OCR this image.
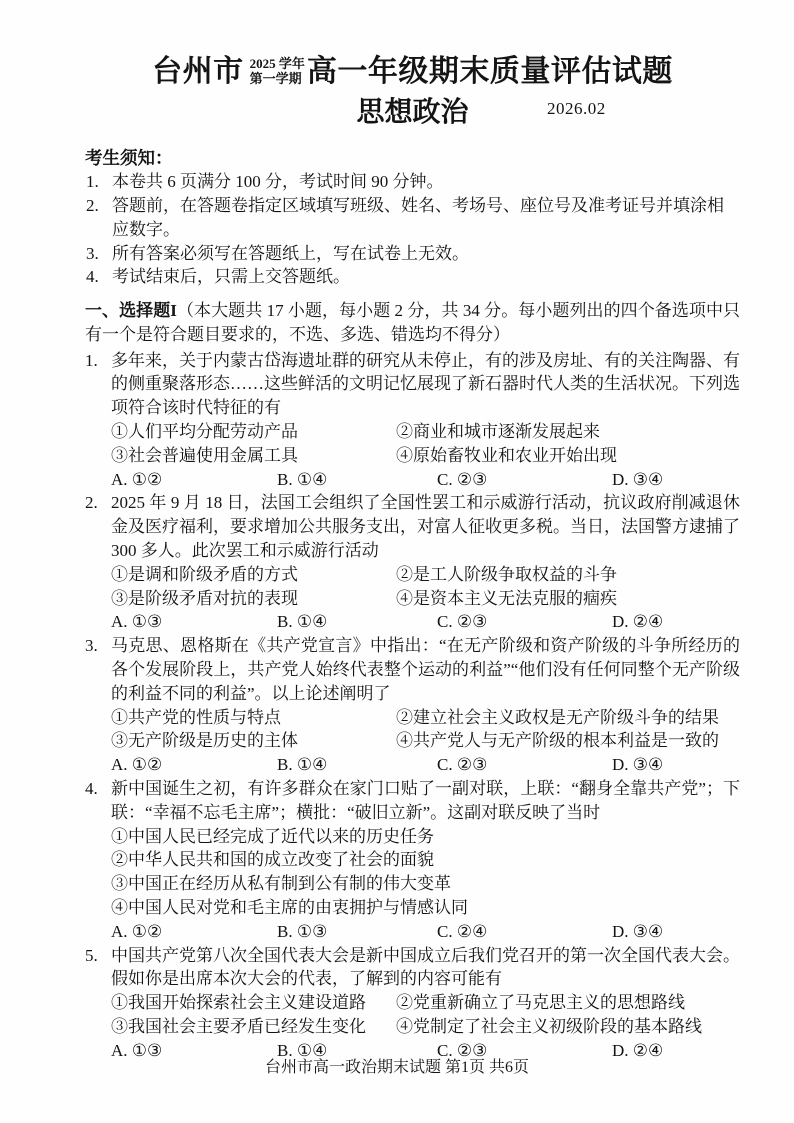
台州市 2025 学年
第一学期 高一年级期末质量评估试题
思想政治	2026.02
考生须知：
1. 本卷共 6 页满分 100 分，考试时间 90 分钟。
2. 答题前，在答题卷指定区域填写班级、姓名、考场号、座位号及准考证号并填涂相应数字。
3. 所有答案必须写在答题纸上，写在试卷上无效。
4. 考试结束后，只需上交答题纸。

一、选择题I（本大题共 17 小题，每小题 2 分，共 34 分。每小题列出的四个备选项中只有一个是符合题目要求的，不选、多选、错选均不得分）

1. 多年来，关于内蒙古岱海遗址群的研究从未停止，有的涉及房址、有的关注陶器、有的侧重聚落形态……这些鲜活的文明记忆展现了新石器时代人类的生活状况。下列选项符合该时代特征的有
①人们平均分配劳动产品	②商业和城市逐渐发展起来
③社会普遍使用金属工具	④原始畜牧业和农业开始出现
A. ①②	B. ①④	C. ②③	D. ③④
2. 2025 年 9 月 18 日，法国工会组织了全国性罢工和示威游行活动，抗议政府削减退休金及医疗福利，要求增加公共服务支出，对富人征收更多税。当日，法国警方逮捕了 300 多人。此次罢工和示威游行活动
①是调和阶级矛盾的方式	②是工人阶级争取权益的斗争
③是阶级矛盾对抗的表现	④是资本主义无法克服的痼疾
A. ①③	B. ①④	C. ②③	D. ②④
3. 马克思、恩格斯在《共产党宣言》中指出：“在无产阶级和资产阶级的斗争所经历的各个发展阶段上，共产党人始终代表整个运动的利益”“他们没有任何同整个无产阶级的利益不同的利益”。以上论述阐明了
①共产党的性质与特点	②建立社会主义政权是无产阶级斗争的结果
③无产阶级是历史的主体	④共产党人与无产阶级的根本利益是一致的
A. ①②	B. ①④	C. ②③	D. ③④
4. 新中国诞生之初，有许多群众在家门口贴了一副对联，上联：“翻身全靠共产党”；下联：“幸福不忘毛主席”；横批：“破旧立新”。这副对联反映了当时
①中国人民已经完成了近代以来的历史任务
②中华人民共和国的成立改变了社会的面貌
③中国正在经历从私有制到公有制的伟大变革
④中国人民对党和毛主席的由衷拥护与情感认同
A. ①②	B. ①③	C. ②④	D. ③④
5. 中国共产党第八次全国代表大会是新中国成立后我们党召开的第一次全国代表大会。假如你是出席本次大会的代表，了解到的内容可能有
①我国开始探索社会主义建设道路	②党重新确立了马克思主义的思想路线
③我国社会主要矛盾已经发生变化	④党制定了社会主义初级阶段的基本路线
A. ①③	B. ①④	C. ②③	D. ②④
台州市高一政治期末试题 第1页 共6页
